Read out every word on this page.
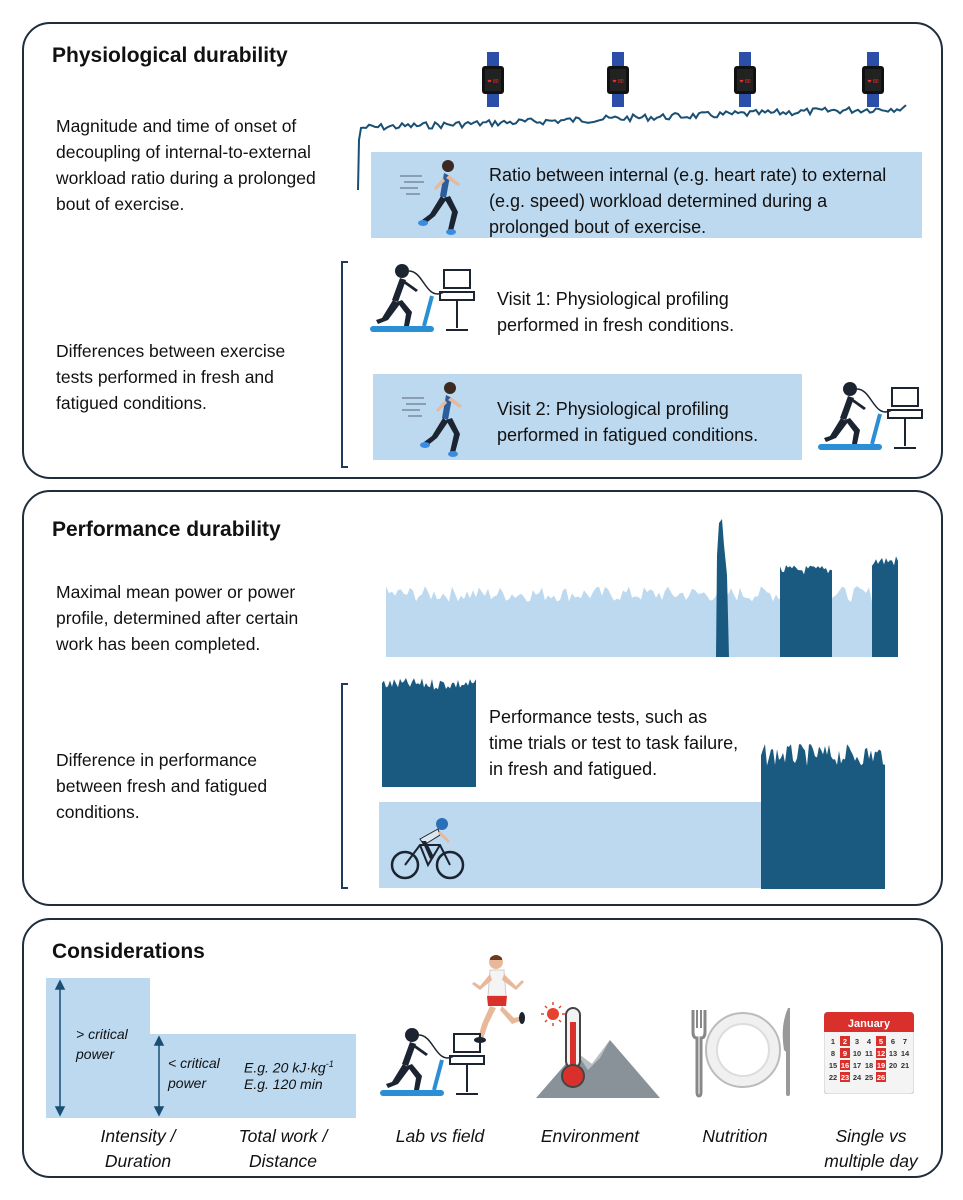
Physiological durability
Magnitude and time of onset of decoupling of internal-to-external workload ratio during a prolonged bout of exercise.
❤ 80	❤ 80	❤ 80	❤ 80
Ratio between internal (e.g. heart rate) to external (e.g. speed) workload determined during a prolonged bout of exercise.
Differences between exercise tests performed in fresh and fatigued conditions.
Visit 1: Physiological profiling performed in fresh conditions.
Visit 2: Physiological profiling performed in fatigued conditions.
Performance durability
Maximal mean power or power profile, determined after certain work has been completed.
Difference in performance between fresh and fatigued conditions.
Performance tests, such as time trials or test to task failure, in fresh and fatigued.
Considerations
> critical power
< critical power
E.g. 20 $kJ\cdot kg^{-1}$
E.g. 120 min
January
1 2 3 4 5 6 7
8 9 10 11 12 13 14
15 16 17 18 19 20 21
22 23 24 25 26
Intensity / Duration
Total work / Distance
Lab vs field	Environment	Nutrition	Single vs multiple day
